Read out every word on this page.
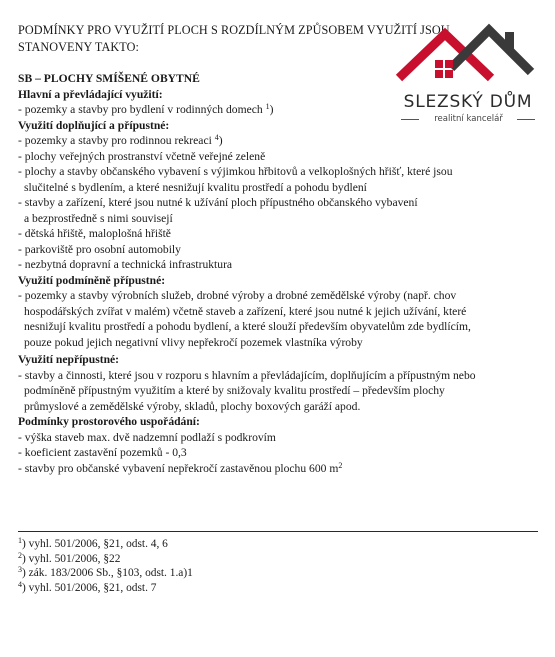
PODMÍNKY PRO VYUŽITÍ PLOCH S ROZDÍLNÝM ZPŮSOBEM VYUŽITÍ JSOU
STANOVENY TAKTO:
SLEZSKÝ DŮM
realitní kancelář
SB – PLOCHY SMÍŠENÉ OBYTNÉ
Hlavní a převládající využití:
- pozemky a stavby pro bydlení v rodinných domech $^1$)
Využití doplňující a přípustné:
- pozemky a stavby pro rodinnou rekreaci $^4$)
- plochy veřejných prostranství včetně veřejné zeleně
- plochy a stavby občanského vybavení s výjimkou hřbitovů a velkoplošných hřišť, které jsou
slučitelné s bydlením, a které nesnižují kvalitu prostředí a pohodu bydlení
- stavby a zařízení, které jsou nutné k užívání ploch přípustného občanského vybavení
a bezprostředně s nimi souvisejí
- dětská hřiště, maloplošná hřiště
- parkoviště pro osobní automobily
- nezbytná dopravní a technická infrastruktura
Využití podmíněně přípustné:
- pozemky a stavby výrobních služeb, drobné výroby a drobné zemědělské výroby (např. chov
hospodářských zvířat v malém) včetně staveb a zařízení, které jsou nutné k jejich užívání, které
nesnižují kvalitu prostředí a pohodu bydlení, a které slouží především obyvatelům zde bydlícím,
pouze pokud jejich negativní vlivy nepřekročí pozemek vlastníka výroby
Využití nepřípustné:
- stavby a činnosti, které jsou v rozporu s hlavním a převládajícím, doplňujícím a přípustným nebo
podmíněně přípustným využitím a které by snižovaly kvalitu prostředí – především plochy
průmyslové a zemědělské výroby, skladů, plochy boxových garáží apod.
Podmínky prostorového uspořádání:
- výška staveb max. dvě nadzemní podlaží s podkrovím
- koeficient zastavění pozemků - 0,3
- stavby pro občanské vybavení nepřekročí zastavěnou plochu 600 $m^2$
$^1$) vyhl. 501/2006, §21, odst. 4, 6
$^2$) vyhl. 501/2006, §22
$^3$) zák. 183/2006 Sb., §103, odst. 1.a)1
$^4$) vyhl. 501/2006, §21, odst. 7
